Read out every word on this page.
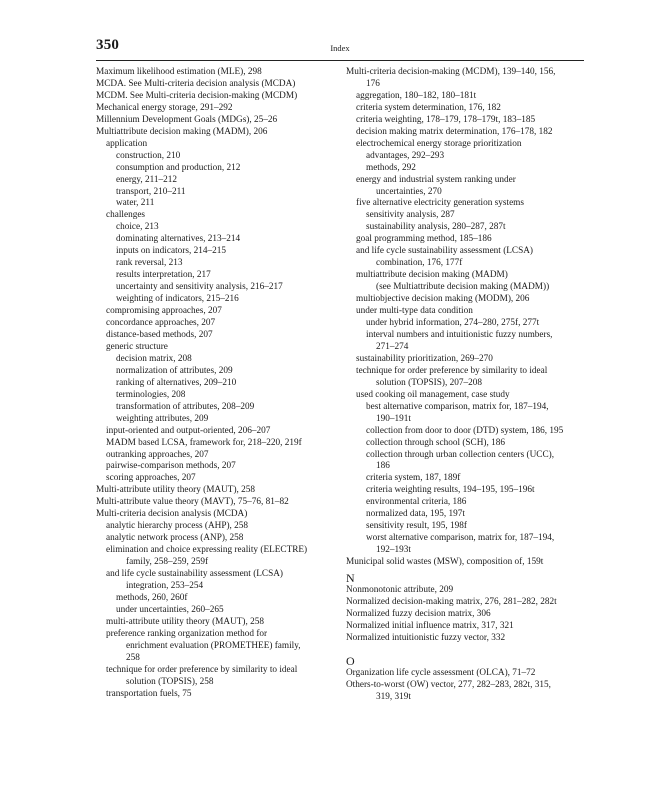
350	Index
Maximum likelihood estimation (MLE), 298
MCDA. See Multi-criteria decision analysis (MCDA)
MCDM. See Multi-criteria decision-making (MCDM)
Mechanical energy storage, 291–292
Millennium Development Goals (MDGs), 25–26
Multiattribute decision making (MADM), 206
application
construction, 210
consumption and production, 212
energy, 211–212
transport, 210–211
water, 211
challenges
choice, 213
dominating alternatives, 213–214
inputs on indicators, 214–215
rank reversal, 213
results interpretation, 217
uncertainty and sensitivity analysis, 216–217
weighting of indicators, 215–216
compromising approaches, 207
concordance approaches, 207
distance-based methods, 207
generic structure
decision matrix, 208
normalization of attributes, 209
ranking of alternatives, 209–210
terminologies, 208
transformation of attributes, 208–209
weighting attributes, 209
input-oriented and output-oriented, 206–207
MADM based LCSA, framework for, 218–220, 219f
outranking approaches, 207
pairwise-comparison methods, 207
scoring approaches, 207
Multi-attribute utility theory (MAUT), 258
Multi-attribute value theory (MAVT), 75–76, 81–82
Multi-criteria decision analysis (MCDA)
analytic hierarchy process (AHP), 258
analytic network process (ANP), 258
elimination and choice expressing reality (ELECTRE)
family, 258–259, 259f
and life cycle sustainability assessment (LCSA)
integration, 253–254
methods, 260, 260f
under uncertainties, 260–265
multi-attribute utility theory (MAUT), 258
preference ranking organization method for
enrichment evaluation (PROMETHEE) family,
258
technique for order preference by similarity to ideal
solution (TOPSIS), 258
transportation fuels, 75
Multi-criteria decision-making (MCDM), 139–140, 156,
176
aggregation, 180–182, 180–181t
criteria system determination, 176, 182
criteria weighting, 178–179, 178–179t, 183–185
decision making matrix determination, 176–178, 182
electrochemical energy storage prioritization
advantages, 292–293
methods, 292
energy and industrial system ranking under
uncertainties, 270
five alternative electricity generation systems
sensitivity analysis, 287
sustainability analysis, 280–287, 287t
goal programming method, 185–186
and life cycle sustainability assessment (LCSA)
combination, 176, 177f
multiattribute decision making (MADM)
(see Multiattribute decision making (MADM))
multiobjective decision making (MODM), 206
under multi-type data condition
under hybrid information, 274–280, 275f, 277t
interval numbers and intuitionistic fuzzy numbers,
271–274
sustainability prioritization, 269–270
technique for order preference by similarity to ideal
solution (TOPSIS), 207–208
used cooking oil management, case study
best alternative comparison, matrix for, 187–194,
190–191t
collection from door to door (DTD) system, 186, 195
collection through school (SCH), 186
collection through urban collection centers (UCC),
186
criteria system, 187, 189f
criteria weighting results, 194–195, 195–196t
environmental criteria, 186
normalized data, 195, 197t
sensitivity result, 195, 198f
worst alternative comparison, matrix for, 187–194,
192–193t
Municipal solid wastes (MSW), composition of, 159t
N
Nonmonotonic attribute, 209
Normalized decision-making matrix, 276, 281–282, 282t
Normalized fuzzy decision matrix, 306
Normalized initial influence matrix, 317, 321
Normalized intuitionistic fuzzy vector, 332
O
Organization life cycle assessment (OLCA), 71–72
Others-to-worst (OW) vector, 277, 282–283, 282t, 315,
319, 319t
